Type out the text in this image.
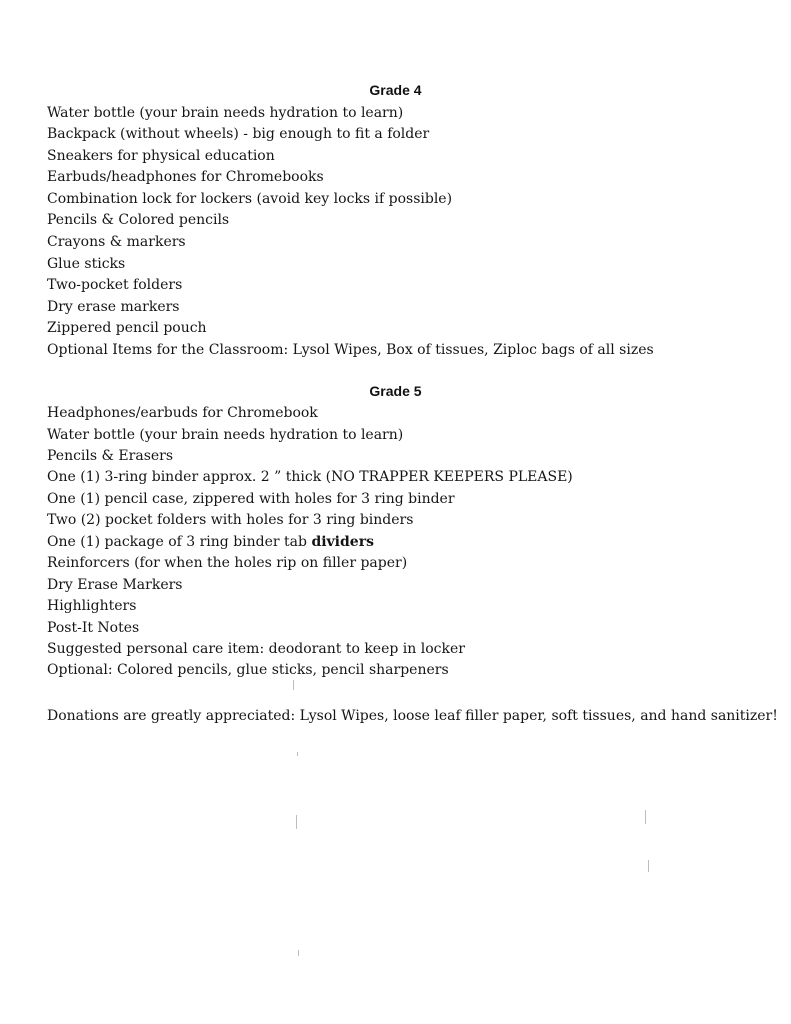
Grade 4
Water bottle (your brain needs hydration to learn)
Backpack (without wheels) - big enough to fit a folder
Sneakers for physical education
Earbuds/headphones for Chromebooks
Combination lock for lockers (avoid key locks if possible)
Pencils & Colored pencils
Crayons & markers
Glue sticks
Two-pocket folders
Dry erase markers
Zippered pencil pouch
Optional Items for the Classroom: Lysol Wipes, Box of tissues, Ziploc bags of all sizes
Grade 5
Headphones/earbuds for Chromebook
Water bottle (your brain needs hydration to learn)
Pencils & Erasers
One (1) 3-ring binder approx. 2 ” thick (NO TRAPPER KEEPERS PLEASE)
One (1) pencil case, zippered with holes for 3 ring binder
Two (2) pocket folders with holes for 3 ring binders
One (1) package of 3 ring binder tab dividers
Reinforcers (for when the holes rip on filler paper)
Dry Erase Markers
Highlighters
Post-It Notes
Suggested personal care item: deodorant to keep in locker
Optional: Colored pencils, glue sticks, pencil sharpeners
Donations are greatly appreciated: Lysol Wipes, loose leaf filler paper, soft tissues, and hand sanitizer!
